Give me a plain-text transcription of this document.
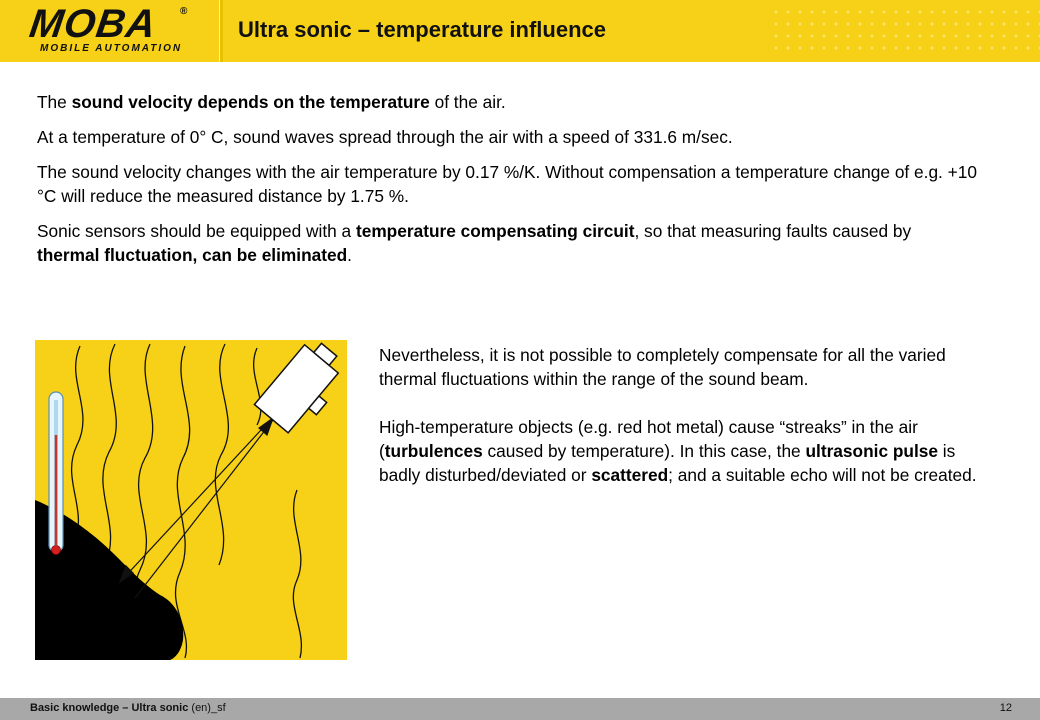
MOBA ®
MOBILE AUTOMATION
Ultra sonic – temperature influence

The sound velocity depends on the temperature of the air.

At a temperature of 0° C, sound waves spread through the air with a speed of 331.6 m/sec.

The sound velocity changes with the air temperature by 0.17 %/K. Without compensation a temperature change of e.g. +10 °C will reduce the measured distance by 1.75 %.

Sonic sensors should be equipped with a temperature compensating circuit, so that measuring faults caused by thermal fluctuation, can be eliminated.

Nevertheless, it is not possible to completely compensate for all the varied thermal fluctuations within the range of the sound beam.

High-temperature objects (e.g. red hot metal) cause “streaks” in the air (turbulences caused by temperature). In this case, the ultrasonic pulse is badly disturbed/deviated or scattered; and a suitable echo will not be created.

Basic knowledge – Ultra sonic (en)_sf	12
